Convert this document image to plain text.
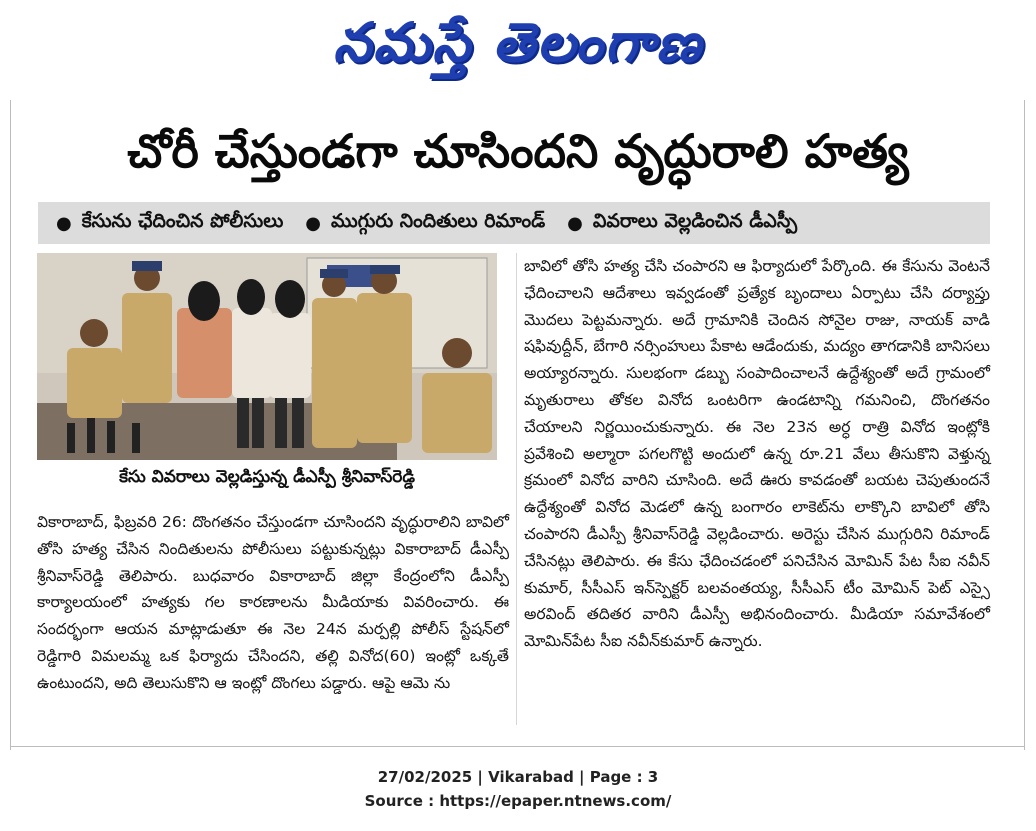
నమస్తే తెలంగాణ
చోరీ చేస్తుండగా చూసిందని వృద్ధురాలి హత్య
● కేసును ఛేదించిన పోలీసులు ● ముగ్గురు నిందితులు రిమాండ్ ● వివరాలు వెల్లడించిన డీఎస్పీ
కేసు వివరాలు వెల్లడిస్తున్న డీఎస్పీ శ్రీనివాస్‌రెడ్డి

బావిలో తోసి హత్య చేసి చంపారని ఆ ఫిర్యాదులో పేర్కొంది. ఈ కేసును వెంటనే ఛేదించాలని ఆదేశాలు ఇవ్వడంతో ప్రత్యేక బృందాలు ఏర్పాటు చేసి దర్యాప్తు మొదలు పెట్టమన్నారు. అదే గ్రామానికి చెందిన సోనైల రాజు, నాయక్ వాడి షఫివుద్దీన్, బేగారి నర్సింహులు పేకాట ఆడేందుకు, మద్యం తాగడానికి బానిసలు అయ్యారన్నారు. సులభంగా డబ్బు సంపాదించాలనే ఉద్దేశ్యంతో అదే గ్రామంలో మృతురాలు తోకల వినోద ఒంటరిగా ఉండటాన్ని గమనించి, దొంగతనం చేయాలని నిర్ణయించుకున్నారు. ఈ నెల 23న అర్ధ రాత్రి వినోద ఇంట్లోకి ప్రవేశించి అల్మారా పగలగొట్టి అందులో ఉన్న రూ.21 వేలు తీసుకొని వెళ్తున్న క్రమంలో వినోద వారిని చూసింది. అదే ఊరు కావడంతో బయట చెపుతుందనే ఉద్దేశ్యంతో వినోద మెడలో ఉన్న బంగారం లాకెట్‌ను లాక్కొని బావిలో తోసి చంపారని డీఎస్పీ శ్రీనివాస్‌రెడ్డి వెల్లడించారు. అరెస్టు చేసిన ముగ్గురిని రిమాండ్ చేసినట్లు తెలిపారు. ఈ కేసు ఛేదించడంలో పనిచేసిన మోమిన్ పేట సీఐ నవీన్ కుమార్, సీసీఎస్ ఇన్‌స్పెక్టర్ బలవంతయ్య, సీసీఎస్ టీం మోమిన్ పెట్ ఎస్సై అరవింద్ తదితర వారిని డీఎస్పీ అభినందించారు. మీడియా సమావేశంలో మోమిన్‌పేట సీఐ నవీన్‌కుమార్ ఉన్నారు.

వికారాబాద్, ఫిబ్రవరి 26: దొంగతనం చేస్తుండగా చూసిందని వృద్ధురాలిని బావిలో తోసి హత్య చేసిన నిందితులను పోలీసులు పట్టుకున్నట్లు వికారాబాద్ డీఎస్పీ శ్రీనివాస్‌రెడ్డి తెలిపారు. బుధవారం వికారాబాద్ జిల్లా కేంద్రంలోని డీఎస్పీ కార్యాలయంలో హత్యకు గల కారణాలను మీడియాకు వివరించారు. ఈ సందర్భంగా ఆయన మాట్లాడుతూ ఈ నెల 24న మర్పల్లి పోలీస్ స్టేషన్‌లో రెడ్డిగారి విమలమ్మ ఒక ఫిర్యాదు చేసిందని, తల్లి వినోద(60) ఇంట్లో ఒక్కతే ఉంటుందని, అది తెలుసుకొని ఆ ఇంట్లో దొంగలు పడ్డారు. ఆపై ఆమె ను

27/02/2025 | Vikarabad | Page : 3
Source : https://epaper.ntnews.com/
